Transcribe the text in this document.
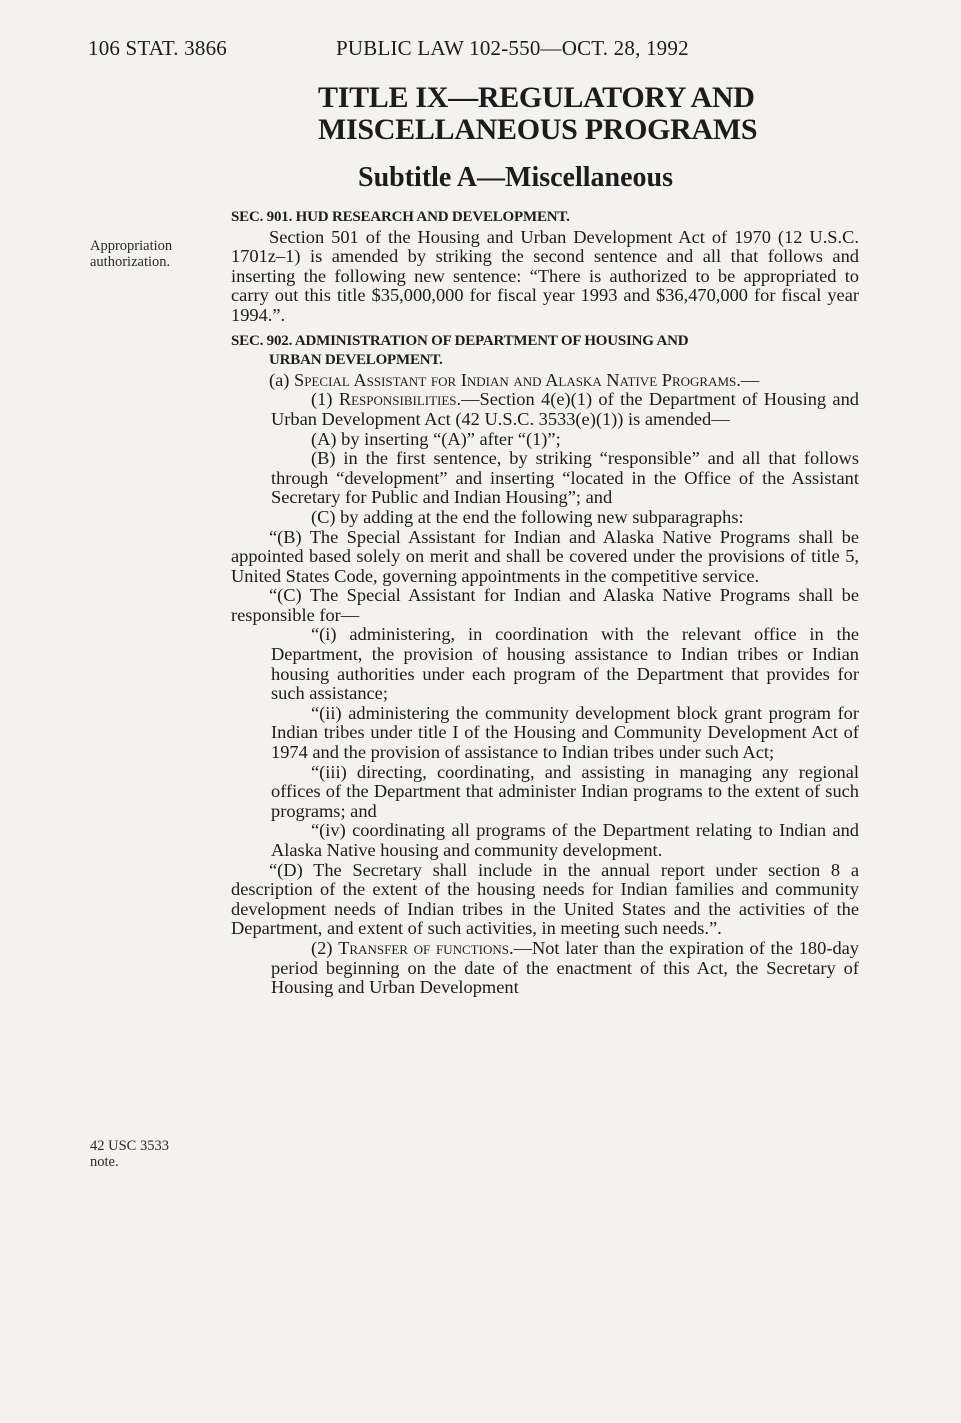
106 STAT. 3866	PUBLIC LAW 102-550—OCT. 28, 1992
TITLE IX—REGULATORY AND
MISCELLANEOUS PROGRAMS
Subtitle A—Miscellaneous
Appropriation
authorization.
42 USC 3533
note.
SEC. 901. HUD RESEARCH AND DEVELOPMENT.

Section 501 of the Housing and Urban Development Act of 1970 (12 U.S.C. 1701z–1) is amended by striking the second sentence and all that follows and inserting the following new sentence: “There is authorized to be appropriated to carry out this title $35,000,000 for fiscal year 1993 and $36,470,000 for fiscal year 1994.”.

SEC. 902. ADMINISTRATION OF DEPARTMENT OF HOUSING AND
URBAN DEVELOPMENT.

(a) Special Assistant for Indian and Alaska Native Programs.—

(1) Responsibilities.—Section 4(e)(1) of the Department of Housing and Urban Development Act (42 U.S.C. 3533(e)(1)) is amended—

(A) by inserting “(A)” after “(1)”;

(B) in the first sentence, by striking “responsible” and all that follows through “development” and inserting “located in the Office of the Assistant Secretary for Public and Indian Housing”; and

(C) by adding at the end the following new subparagraphs:

“(B) The Special Assistant for Indian and Alaska Native Programs shall be appointed based solely on merit and shall be covered under the provisions of title 5, United States Code, governing appointments in the competitive service.

“(C) The Special Assistant for Indian and Alaska Native Programs shall be responsible for—

“(i) administering, in coordination with the relevant office in the Department, the provision of housing assistance to Indian tribes or Indian housing authorities under each program of the Department that provides for such assistance;

“(ii) administering the community development block grant program for Indian tribes under title I of the Housing and Community Development Act of 1974 and the provision of assistance to Indian tribes under such Act;

“(iii) directing, coordinating, and assisting in managing any regional offices of the Department that administer Indian programs to the extent of such programs; and

“(iv) coordinating all programs of the Department relating to Indian and Alaska Native housing and community development.

“(D) The Secretary shall include in the annual report under section 8 a description of the extent of the housing needs for Indian families and community development needs of Indian tribes in the United States and the activities of the Department, and extent of such activities, in meeting such needs.”.

(2) Transfer of functions.—Not later than the expiration of the 180-day period beginning on the date of the enactment of this Act, the Secretary of Housing and Urban Development
